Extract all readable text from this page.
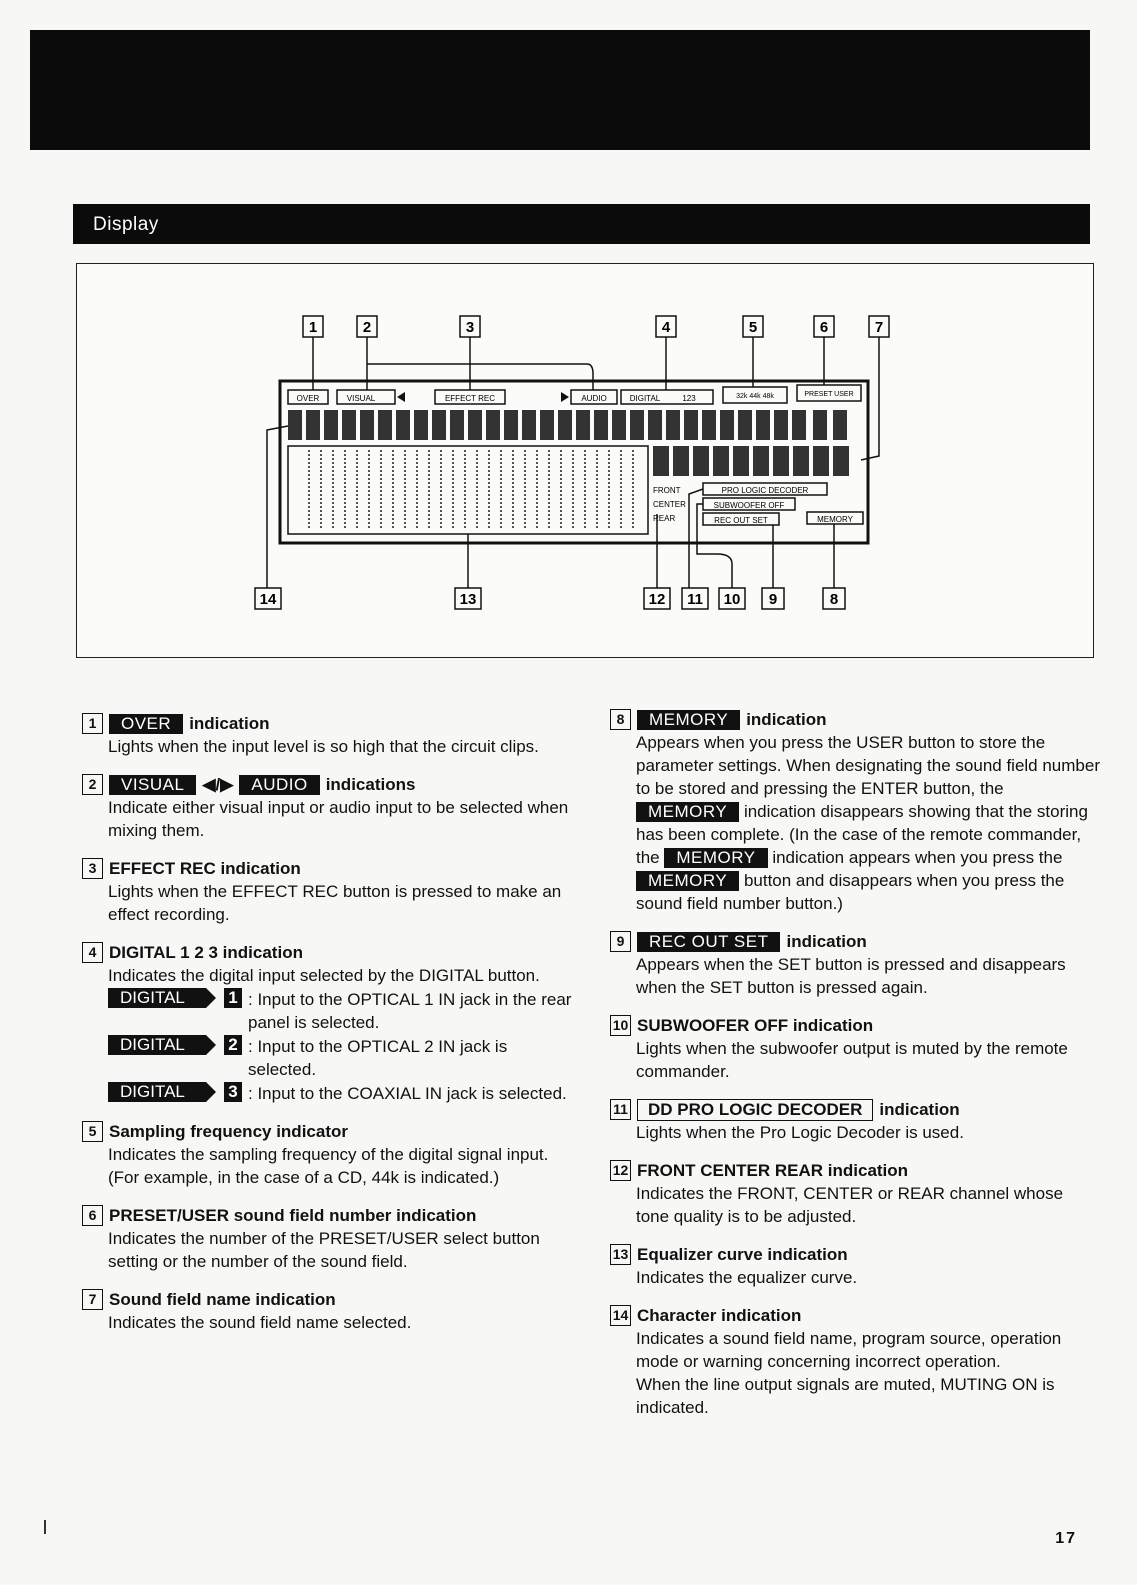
Display
OVER	VISUAL	EFFECT REC	AUDIO	DIGITAL	123	32k 44k 48k	PRESET USER
FRONT
CENTER
REAR
PRO LOGIC DECODER
SUBWOOFER OFF
REC OUT SET	MEMORY
1	2	3	4	5	6	7
14	13	12 11 10 9	8
1	OVER	indication
Lights when the input level is so high that the circuit clips.
2	VISUAL	◀/▶	AUDIO	indications
Indicate either visual input or audio input to be selected when mixing them.
3 EFFECT REC indication
Lights when the EFFECT REC button is pressed to make an effect recording.
4 DIGITAL 1 2 3 indication
Indicates the digital input selected by the DIGITAL button.
DIGITAL	1 : Input to the OPTICAL 1 IN jack in the rear panel is selected.
DIGITAL	2 : Input to the OPTICAL 2 IN jack is selected.
DIGITAL	3 : Input to the COAXIAL IN jack is selected.
5 Sampling frequency indicator
Indicates the sampling frequency of the digital signal input. (For example, in the case of a CD, 44k is indicated.)
6 PRESET/USER sound field number indication
Indicates the number of the PRESET/USER select button setting or the number of the sound field.
7 Sound field name indication
Indicates the sound field name selected.
8	MEMORY	indication
Appears when you press the USER button to store the parameter settings. When designating the sound field number to be stored and pressing the ENTER button, the MEMORY indication disappears showing that the storing has been complete. (In the case of the remote commander, the MEMORY indication appears when you press the MEMORY button and disappears when you press the sound field number button.)
9	REC OUT SET	indication
Appears when the SET button is pressed and disappears when the SET button is pressed again.
10 SUBWOOFER OFF indication
Lights when the subwoofer output is muted by the remote commander.
11	DD PRO LOGIC DECODER	indication
Lights when the Pro Logic Decoder is used.
12 FRONT CENTER REAR indication
Indicates the FRONT, CENTER or REAR channel whose tone quality is to be adjusted.
13 Equalizer curve indication
Indicates the equalizer curve.
14 Character indication
Indicates a sound field name, program source, operation mode or warning concerning incorrect operation.
When the line output signals are muted, MUTING ON is indicated.
17
